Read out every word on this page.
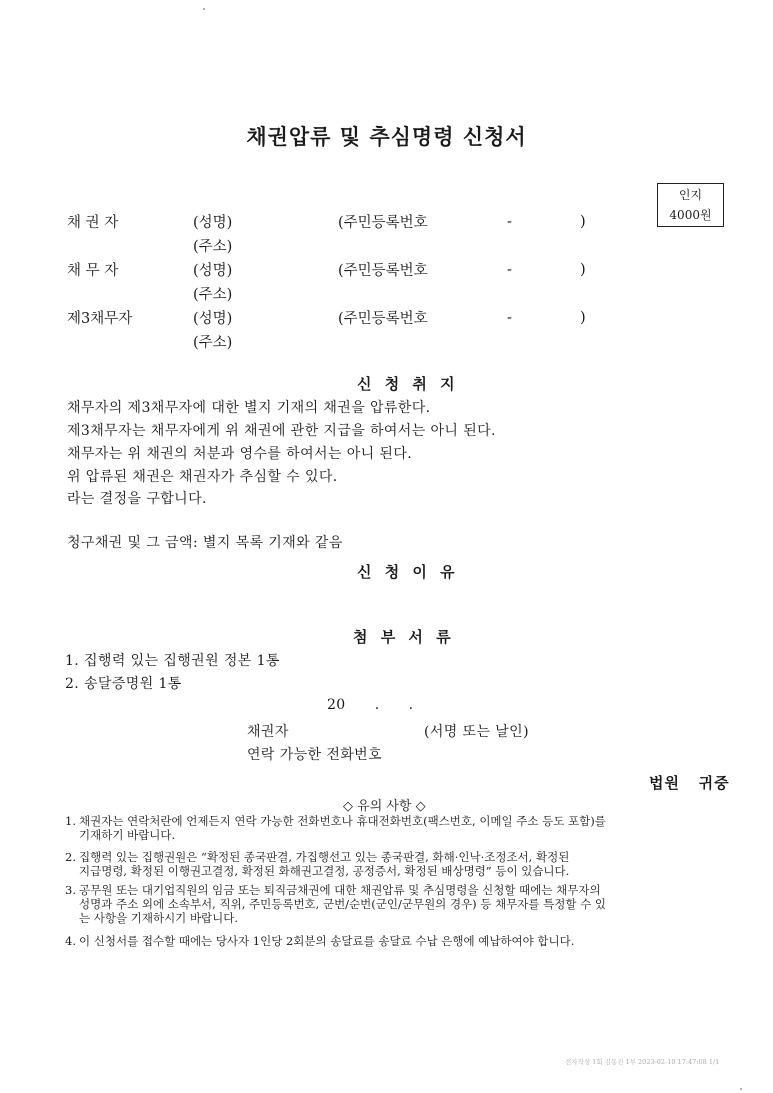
채권압류 및 추심명령 신청서
인지
4000원
채 권 자	(성명)	(주민등록번호	-	)
(주소)
채 무 자	(성명)	(주민등록번호	-	)
(주소)
제3채무자	(성명)	(주민등록번호	-	)
(주소)
신 청 취 지
채무자의 제3채무자에 대한 별지 기재의 채권을 압류한다.
제3채무자는 채무자에게 위 채권에 관한 지급을 하여서는 아니 된다.
채무자는 위 채권의 처분과 영수를 하여서는 아니 된다.
위 압류된 채권은 채권자가 추심할 수 있다.
라는 결정을 구합니다.
청구채권 및 그 금액: 별지 목록 기재와 같음
신 청 이 유
첨 부 서 류
1. 집행력 있는 집행권원 정본 1통
2. 송달증명원 1통
20      .      .
채권자	(서명 또는 날인)
연락 가능한 전화번호
법원   귀중
◇ 유의 사항 ◇
1. 채권자는 연락처란에 언제든지 연락 가능한 전화번호나 휴대전화번호(팩스번호, 이메일 주소 등도 포함)를
기재하기 바랍니다.
2. 집행력 있는 집행권원은 “확정된 종국판결, 가집행선고 있는 종국판결, 화해·인낙·조정조서, 확정된
지급명령, 확정된 이행권고결정, 확정된 화해권고결정, 공정증서, 확정된 배상명령” 등이 있습니다.
3. 공무원 또는 대기업직원의 임금 또는 퇴직금채권에 대한 채권압류 및 추심명령을 신청할 때에는 채무자의
성명과 주소 외에 소속부서, 직위, 주민등록번호, 군번/순번(군인/군무원의 경우) 등 채무자를 특정할 수 있
는 사항을 기재하시기 바랍니다.
4. 이 신청서를 접수할 때에는 당사자 1인당 2회분의 송달료를 송달료 수납 은행에 예납하여야 합니다.
전자작성 1회 김동진 1부 2023-02-10 17:47:08 1/1
